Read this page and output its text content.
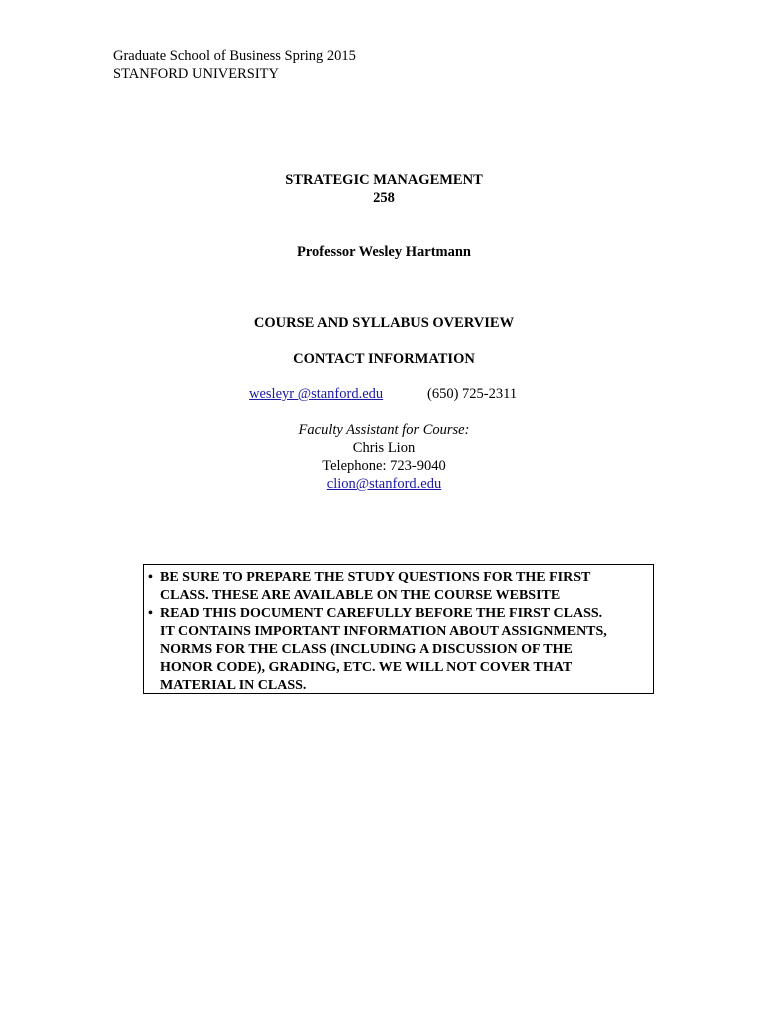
Graduate School of Business Spring 2015
STANFORD UNIVERSITY
STRATEGIC MANAGEMENT
258
Professor Wesley Hartmann
COURSE AND SYLLABUS OVERVIEW
CONTACT INFORMATION
wesleyr @stanford.edu	(650) 725-2311
Faculty Assistant for Course:
Chris Lion
Telephone: 723-9040
clion@stanford.edu
• BE SURE TO PREPARE THE STUDY QUESTIONS FOR THE FIRST
CLASS. THESE ARE AVAILABLE ON THE COURSE WEBSITE
• READ THIS DOCUMENT CAREFULLY BEFORE THE FIRST CLASS.
IT CONTAINS IMPORTANT INFORMATION ABOUT ASSIGNMENTS,
NORMS FOR THE CLASS (INCLUDING A DISCUSSION OF THE
HONOR CODE), GRADING, ETC. WE WILL NOT COVER THAT
MATERIAL IN CLASS.
